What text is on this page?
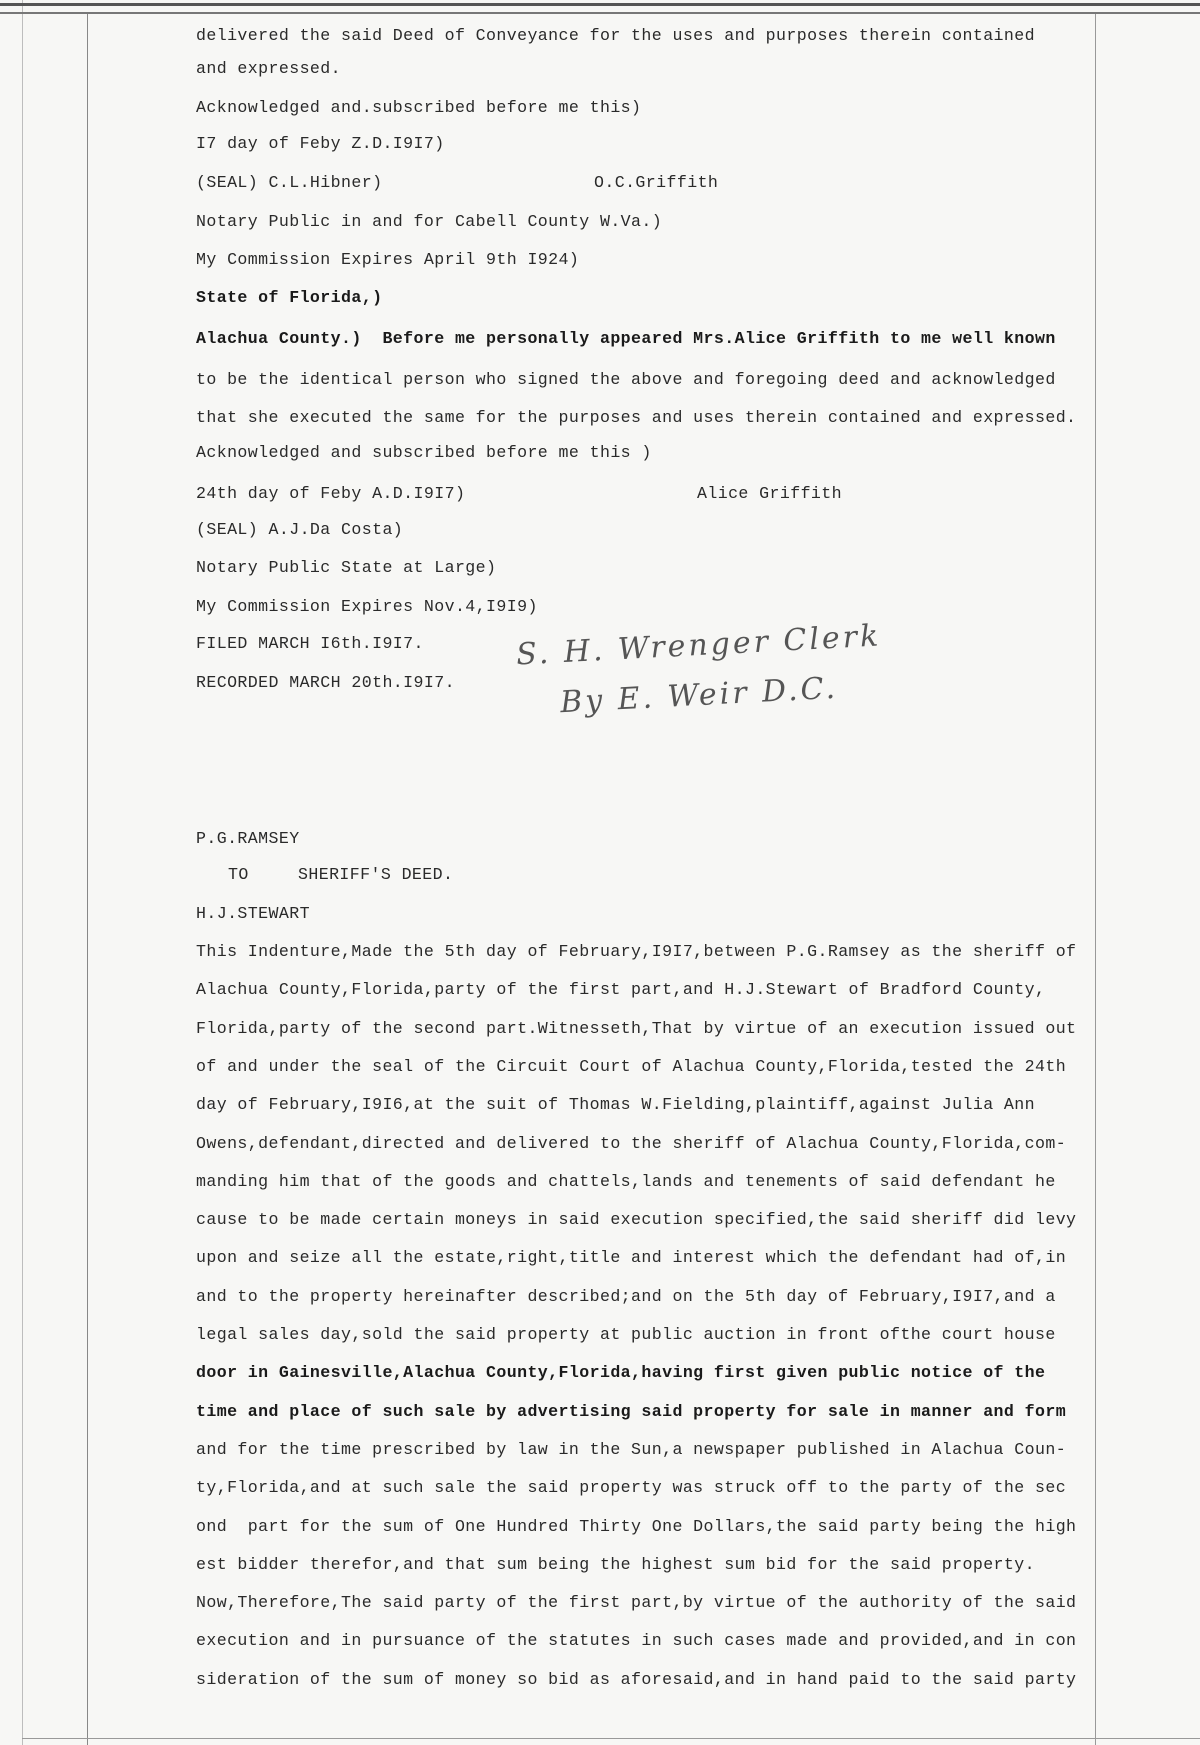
O.C.Griffith
Alice Griffith
S. H. Wrenger Clerk
By E. Weir D.C.
P.G.RAMSEY
TO	SHERIFF'S DEED.
H.J.STEWART
delivered the said Deed of Conveyance for the uses and purposes therein contained
and expressed.
Acknowledged and.subscribed before me this)
I7 day of Feby Z.D.I9I7)
(SEAL) C.L.Hibner)
Notary Public in and for Cabell County W.Va.)
My Commission Expires April 9th I924)
State of Florida,)
Alachua County.)  Before me personally appeared Mrs.Alice Griffith to me well known
to be the identical person who signed the above and foregoing deed and acknowledged
that she executed the same for the purposes and uses therein contained and expressed.
Acknowledged and subscribed before me this )
24th day of Feby A.D.I9I7)
(SEAL) A.J.Da Costa)
Notary Public State at Large)
My Commission Expires Nov.4,I9I9)
FILED MARCH I6th.I9I7.
RECORDED MARCH 20th.I9I7.
This Indenture,Made the 5th day of February,I9I7,between P.G.Ramsey as the sheriff of
Alachua County,Florida,party of the first part,and H.J.Stewart of Bradford County,
Florida,party of the second part.Witnesseth,That by virtue of an execution issued out
of and under the seal of the Circuit Court of Alachua County,Florida,tested the 24th
day of February,I9I6,at the suit of Thomas W.Fielding,plaintiff,against Julia Ann
Owens,defendant,directed and delivered to the sheriff of Alachua County,Florida,com-
manding him that of the goods and chattels,lands and tenements of said defendant he
cause to be made certain moneys in said execution specified,the said sheriff did levy
upon and seize all the estate,right,title and interest which the defendant had of,in
and to the property hereinafter described;and on the 5th day of February,I9I7,and a
legal sales day,sold the said property at public auction in front ofthe court house
door in Gainesville,Alachua County,Florida,having first given public notice of the
time and place of such sale by advertising said property for sale in manner and form
and for the time prescribed by law in the Sun,a newspaper published in Alachua Coun-
ty,Florida,and at such sale the said property was struck off to the party of the sec
ond  part for the sum of One Hundred Thirty One Dollars,the said party being the high
est bidder therefor,and that sum being the highest sum bid for the said property.
Now,Therefore,The said party of the first part,by virtue of the authority of the said
execution and in pursuance of the statutes in such cases made and provided,and in con
sideration of the sum of money so bid as aforesaid,and in hand paid to the said party
